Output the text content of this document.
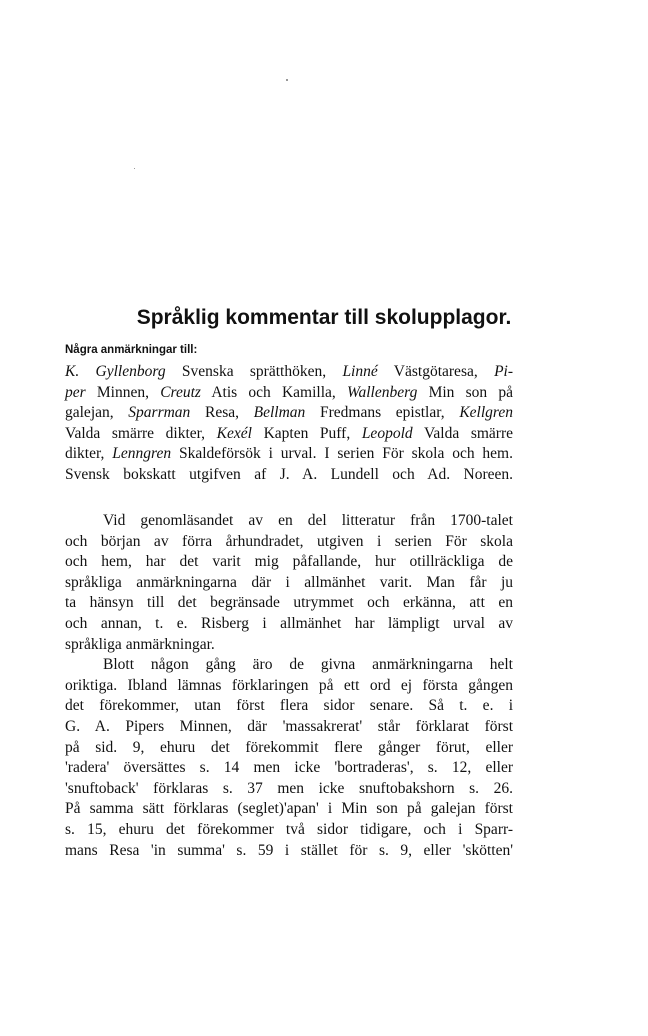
Språklig kommentar till skolupplagor.

Några anmärkningar till:

K. Gyllenborg Svenska sprätthöken, Linné Västgötaresa, Pi-
per Minnen, Creutz Atis och Kamilla, Wallenberg Min son på
galejan, Sparrman Resa, Bellman Fredmans epistlar, Kellgren
Valda smärre dikter, Kexél Kapten Puff, Leopold Valda smärre
dikter, Lenngren Skaldeförsök i urval. I serien För skola och hem.
Svensk bokskatt utgifven af J. A. Lundell och Ad. Noreen.
Vid genomläsandet av en del litteratur från 1700-talet
och början av förra århundradet, utgiven i serien För skola
och hem, har det varit mig påfallande, hur otillräckliga de
språkliga anmärkningarna där i allmänhet varit. Man får ju
ta hänsyn till det begränsade utrymmet och erkänna, att en
och annan, t. e. Risberg i allmänhet har lämpligt urval av
språkliga anmärkningar.
Blott någon gång äro de givna anmärkningarna helt
oriktiga. Ibland lämnas förklaringen på ett ord ej första gången
det förekommer, utan först flera sidor senare. Så t. e. i
G. A. Pipers Minnen, där 'massakrerat' står förklarat först
på sid. 9, ehuru det förekommit flere gånger förut, eller
'radera' översättes s. 14 men icke 'bortraderas', s. 12, eller
'snuftoback' förklaras s. 37 men icke snuftobakshorn s. 26.
På samma sätt förklaras (seglet)'apan' i Min son på galejan först
s. 15, ehuru det förekommer två sidor tidigare, och i Sparr-
mans Resa 'in summa' s. 59 i stället för s. 9, eller 'skötten'
